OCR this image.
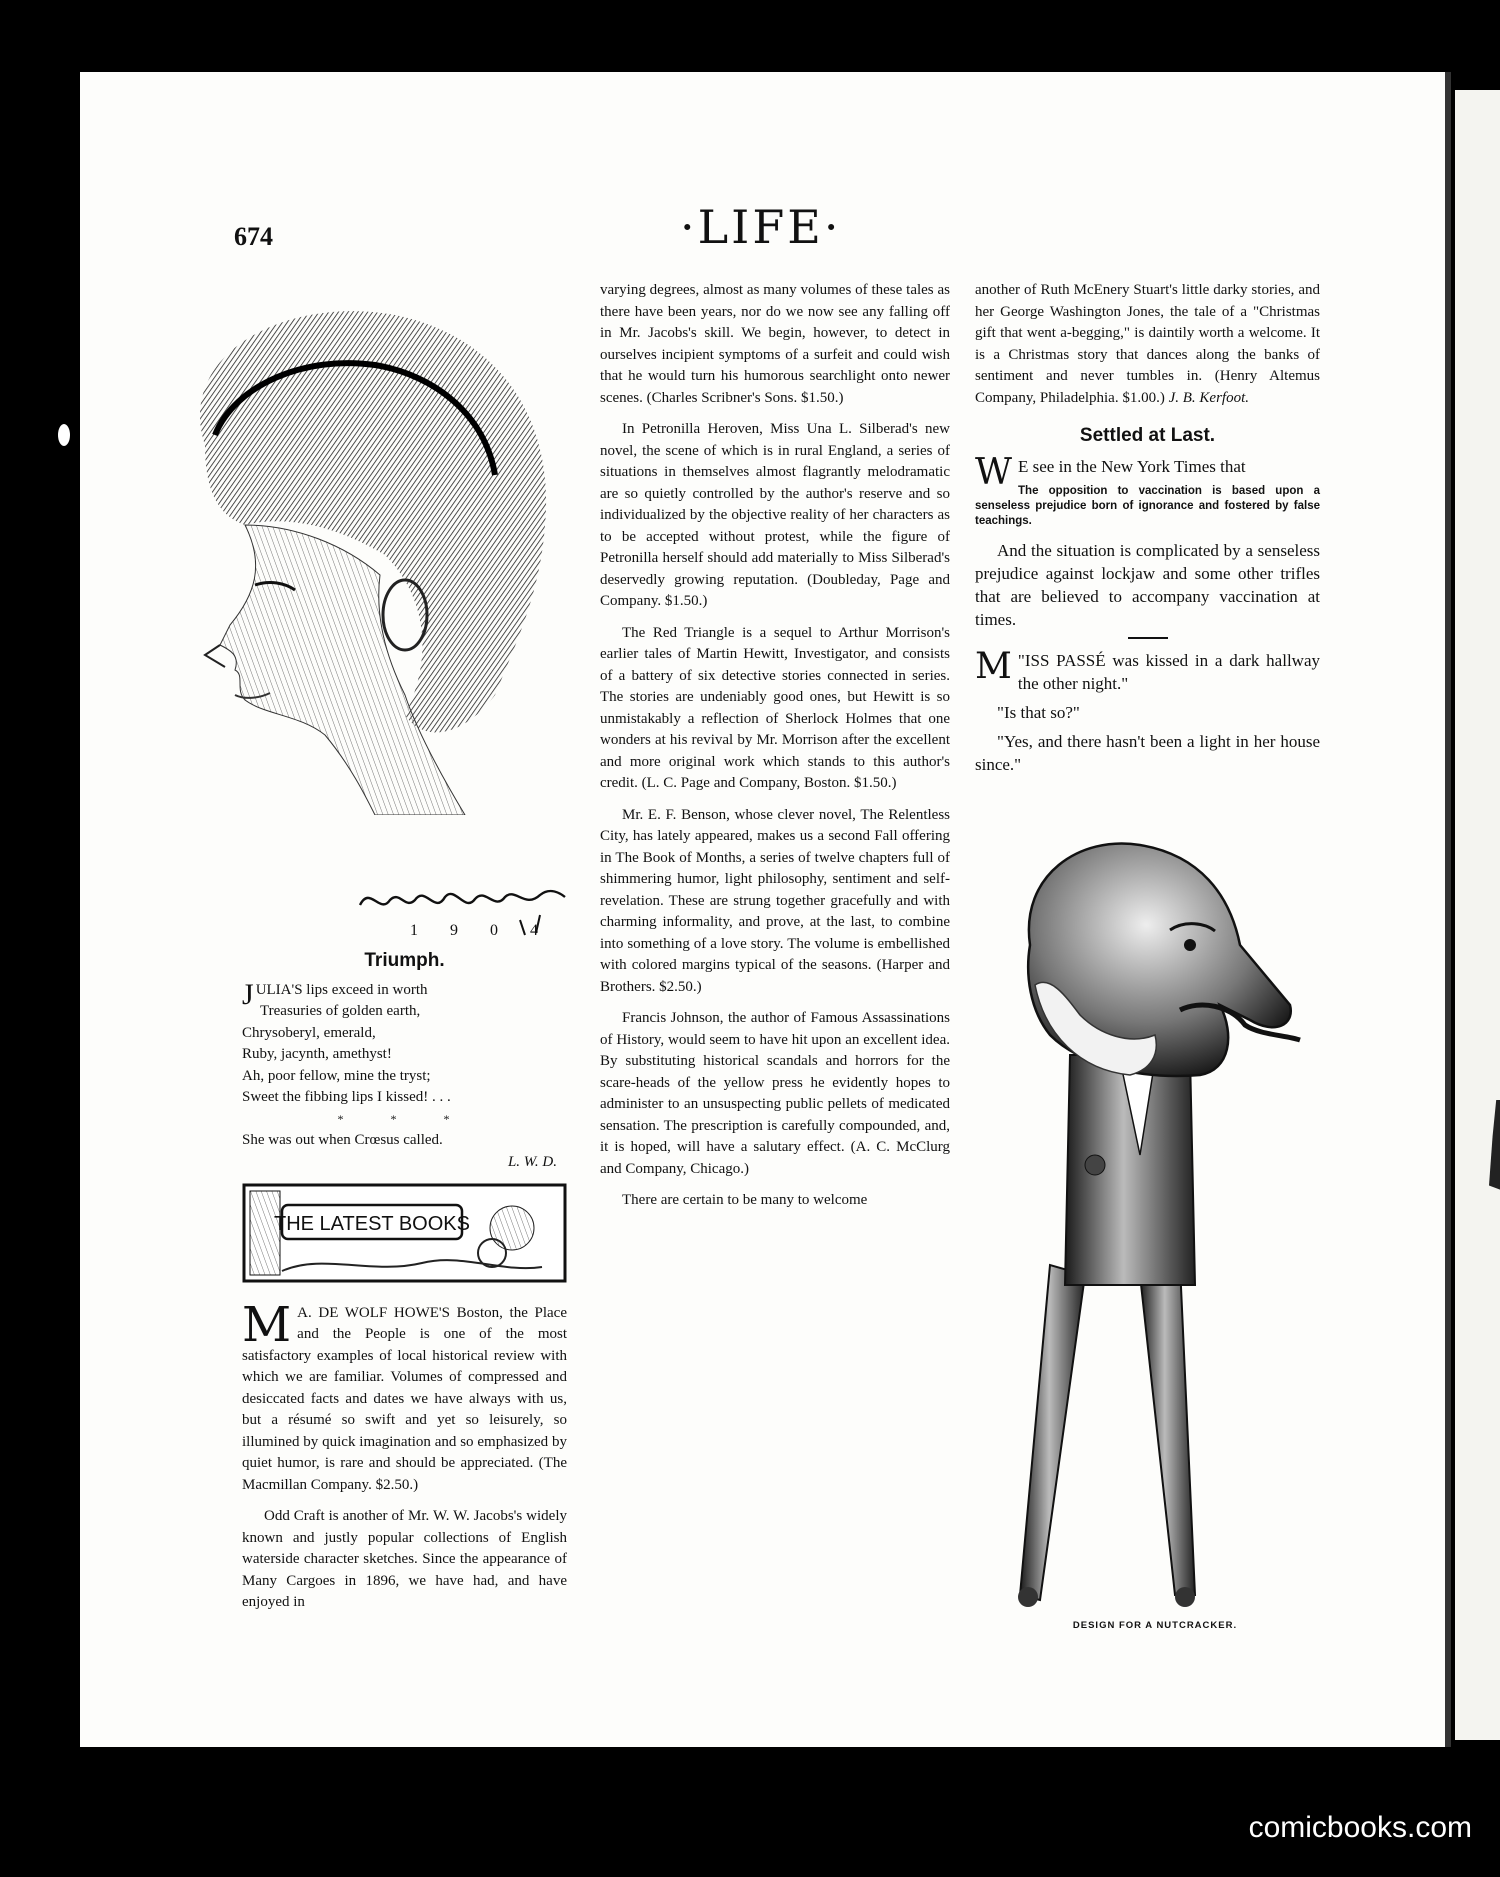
674	·LIFE·
1 9 0 4
Triumph.
J ULIA'S lips exceed in worth
Treasuries of golden earth,
Chrysoberyl, emerald,
Ruby, jacynth, amethyst!
Ah, poor fellow, mine the tryst;
Sweet the fibbing lips I kissed! . . .
* * *
She was out when Crœsus called.
L. W. D.
THE LATEST BOOKS

M A. DE WOLF HOWE'S Boston, the Place and the People is one of the most satisfactory examples of local historical review with which we are familiar. Volumes of compressed and desiccated facts and dates we have always with us, but a résumé so swift and yet so leisurely, so illumined by quick imagination and so emphasized by quiet humor, is rare and should be appreciated. (The Macmillan Company. $2.50.)

Odd Craft is another of Mr. W. W. Jacobs's widely known and justly popular collections of English waterside character sketches. Since the appearance of Many Cargoes in 1896, we have had, and have enjoyed in

varying degrees, almost as many volumes of these tales as there have been years, nor do we now see any falling off in Mr. Jacobs's skill. We begin, however, to detect in ourselves incipient symptoms of a surfeit and could wish that he would turn his humorous searchlight onto newer scenes. (Charles Scribner's Sons. $1.50.)

In Petronilla Heroven, Miss Una L. Silberad's new novel, the scene of which is in rural England, a series of situations in themselves almost flagrantly melodramatic are so quietly controlled by the author's reserve and so individualized by the objective reality of her characters as to be accepted without protest, while the figure of Petronilla herself should add materially to Miss Silberad's deservedly growing reputation. (Doubleday, Page and Company. $1.50.)

The Red Triangle is a sequel to Arthur Morrison's earlier tales of Martin Hewitt, Investigator, and consists of a battery of six detective stories connected in series. The stories are undeniably good ones, but Hewitt is so unmistakably a reflection of Sherlock Holmes that one wonders at his revival by Mr. Morrison after the excellent and more original work which stands to this author's credit. (L. C. Page and Company, Boston. $1.50.)

Mr. E. F. Benson, whose clever novel, The Relentless City, has lately appeared, makes us a second Fall offering in The Book of Months, a series of twelve chapters full of shimmering humor, light philosophy, sentiment and self-revelation. These are strung together gracefully and with charming informality, and prove, at the last, to combine into something of a love story. The volume is embellished with colored margins typical of the seasons. (Harper and Brothers. $2.50.)

Francis Johnson, the author of Famous Assassinations of History, would seem to have hit upon an excellent idea. By substituting historical scandals and horrors for the scare-heads of the yellow press he evidently hopes to administer to an unsuspecting public pellets of medicated sensation. The prescription is carefully compounded, and, it is hoped, will have a salutary effect. (A. C. McClurg and Company, Chicago.)

There are certain to be many to welcome

another of Ruth McEnery Stuart's little darky stories, and her George Washington Jones, the tale of a "Christmas gift that went a-begging," is daintily worth a welcome. It is a Christmas story that dances along the banks of sentiment and never tumbles in. (Henry Altemus Company, Philadelphia. $1.00.) J. B. Kerfoot.

Settled at Last.
W E see in the New York Times that
The opposition to vaccination is based upon a senseless prejudice born of ignorance and fostered by false teachings.
And the situation is complicated by a senseless prejudice against lockjaw and some other trifles that are believed to accompany vaccination at times.
"
M ISS PASSÉ was kissed in a dark hallway the other night."
"Is that so?"
"Yes, and there hasn't been a light in her house since."
DESIGN FOR A NUTCRACKER.
comicbooks.com
